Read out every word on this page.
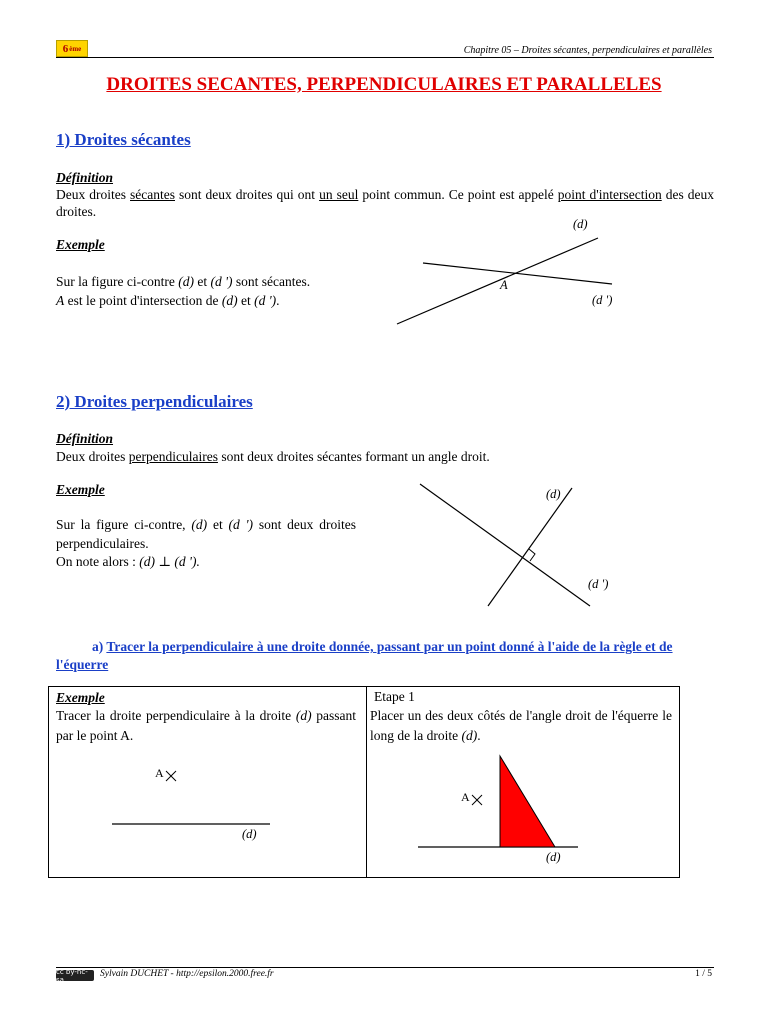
6 ème	Chapitre 05 – Droites sécantes, perpendiculaires et parallèles
DROITES SECANTES, PERPENDICULAIRES ET PARALLELES
1) Droites sécantes
Définition
Deux droites sécantes sont deux droites qui ont un seul point commun. Ce point est appelé point d'intersection des deux droites.
Exemple
Sur la figure ci-contre (d) et (d ') sont sécantes.
A est le point d'intersection de (d) et (d ').
2) Droites perpendiculaires
Définition
Deux droites perpendiculaires sont deux droites sécantes formant un angle droit.
Exemple
Sur la figure ci-contre, (d) et (d ') sont deux droites perpendiculaires.
On note alors : (d) ⊥ (d ').
a) Tracer la perpendiculaire à une droite donnée, passant par un point donné à l'aide de la règle et de l'équerre
Exemple
Tracer la droite perpendiculaire à la droite (d) passant par le point A.
Etape 1
Placer un des deux côtés de l'angle droit de l'équerre le long de la droite (d).
(d)
(d ')
A
(d)
(d ')
A
(d)
A
(d)
cc by-nc-sa
Sylvain DUCHET - http://epsilon.2000.free.fr	1 / 5
